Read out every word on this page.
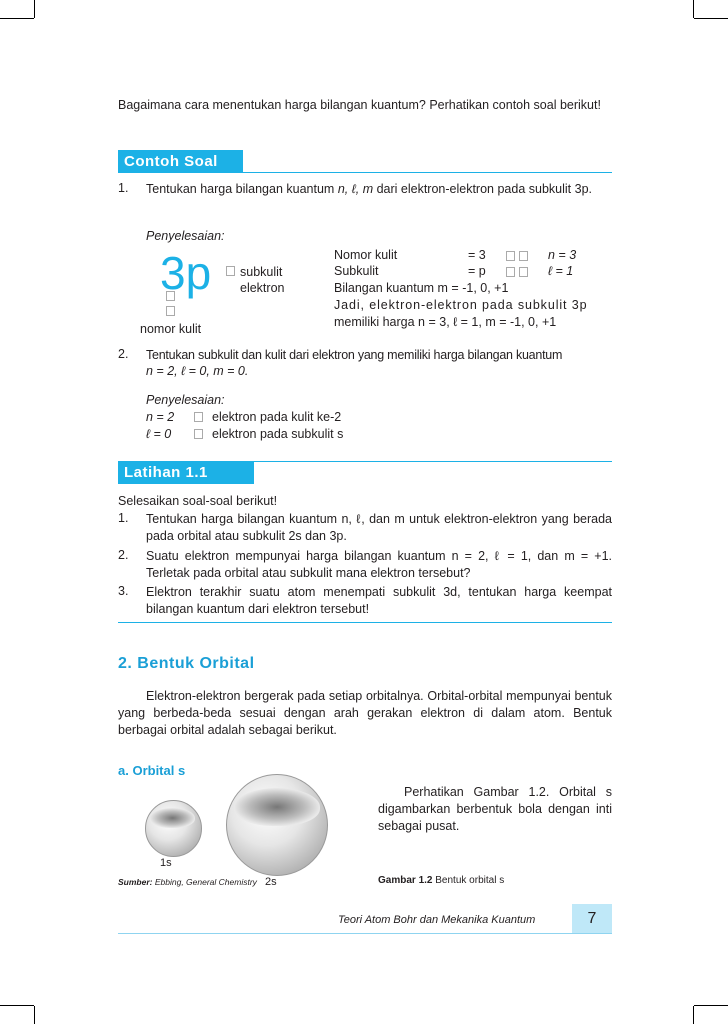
Bagaimana cara menentukan harga bilangan kuantum? Perhatikan contoh soal berikut!

Contoh Soal
1. Tentukan harga bilangan kuantum n, ℓ, m dari elektron-elektron pada subkulit 3p.
Penyelesaian:
3p subkulit
elektron
nomor kulit
Nomor kulit	= 3	n = 3
Subkulit	= p	ℓ = 1
Bilangan kuantum m = -1, 0, +1
Jadi, elektron-elektron pada subkulit 3p
memiliki harga n = 3, ℓ = 1, m = -1, 0, +1
2. Tentukan subkulit dan kulit dari elektron yang memiliki harga bilangan kuantum
n = 2, ℓ = 0, m = 0.
Penyelesaian:
n = 2	elektron pada kulit ke-2
ℓ = 0	elektron pada subkulit s
Latihan 1.1
Selesaikan soal-soal berikut!
1. Tentukan harga bilangan kuantum n, ℓ, dan m untuk elektron-elektron yang berada pada orbital atau subkulit 2s dan 3p.
2. Suatu elektron mempunyai harga bilangan kuantum n = 2, ℓ = 1, dan m = +1. Terletak pada orbital atau subkulit mana elektron tersebut?
3. Elektron terakhir suatu atom menempati subkulit 3d, tentukan harga keempat bilangan kuantum dari elektron tersebut!
2. Bentuk Orbital

Elektron-elektron bergerak pada setiap orbitalnya. Orbital-orbital mempunyai bentuk yang berbeda-beda sesuai dengan arah gerakan elektron di dalam atom. Bentuk berbagai orbital adalah sebagai berikut.

a. Orbital s
1s
2s
Sumber: Ebbing, General Chemistry
Perhatikan Gambar 1.2. Orbital s digambarkan berbentuk bola dengan inti sebagai pusat.
Gambar 1.2 Bentuk orbital s
Teori Atom Bohr dan Mekanika Kuantum	7
